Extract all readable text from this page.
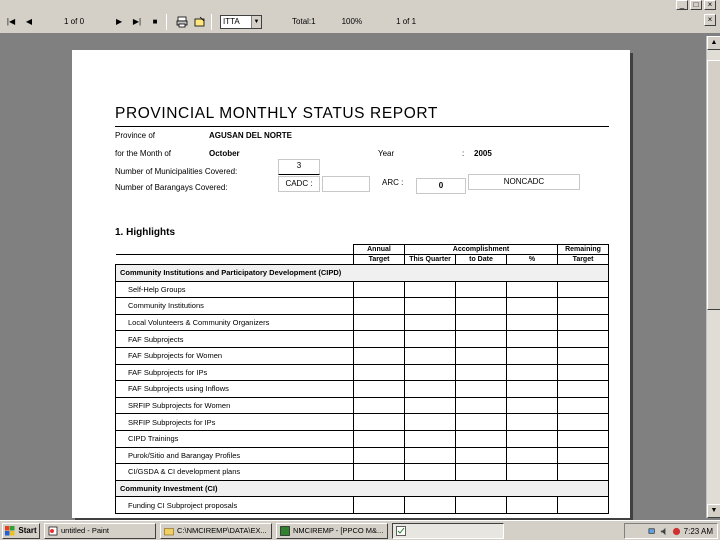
_	□	×
|◀	◀	1 of 0	▶	▶|	■	ITTA	▼	Total:1	100%	1 of 1	×
▲
▼
PROVINCIAL MONTHLY STATUS REPORT
Province of	AGUSAN DEL NORTE
for the Month of	October	Year	: 2005
Number of Municipalities Covered:
3
Number of Barangays Covered:	CADC :	ARC :	0	NONCADC
1. Highlights
	Annual	Accomplishment			Remaining
	Target	This Quarter	to Date	%	Target
Community Institutions and Participatory Development (CIPD)					
Self-Help Groups					
Community Institutions					
Local Volunteers & Community Organizers					
FAF Subprojects					
FAF Subprojects for Women					
FAF Subprojects for IPs					
FAF Subprojects using Inflows					
SRFIP Subprojects for Women					
SRFIP Subprojects for IPs					
CIPD Trainings					
Purok/Sitio and Barangay Profiles					
CI/GSDA & CI development plans					
Community Investment (CI)					
Funding CI Subproject proposals					
Start	untitled - Paint	C:\NMCIREMP\DATA\EX...	NMCIREMP - [PPCO M&...	7:23 AM
